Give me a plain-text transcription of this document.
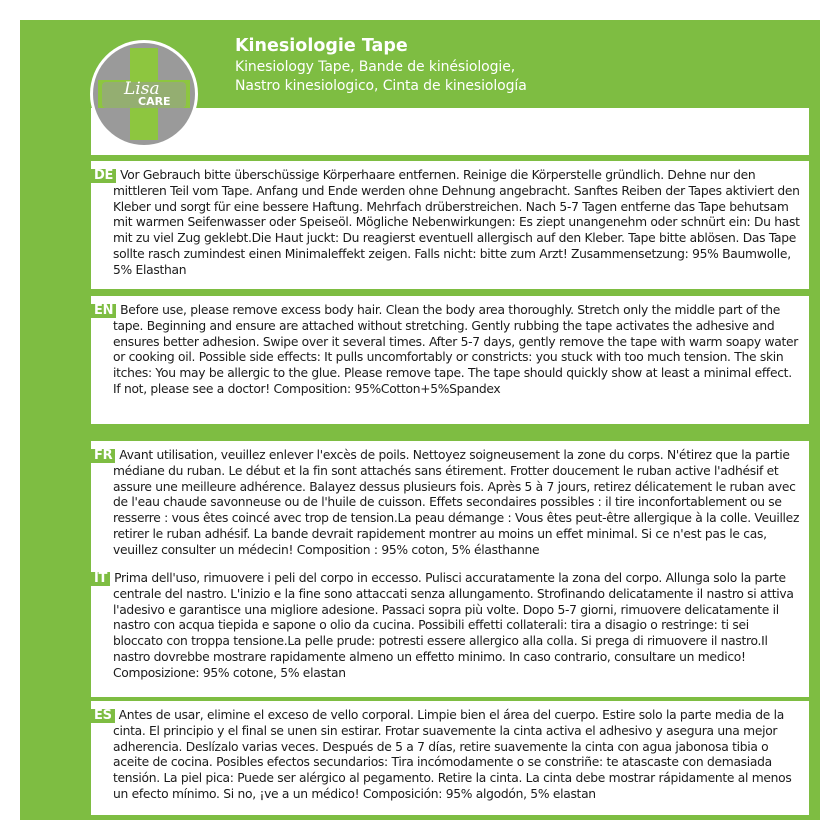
Lisa
CARE
Kinesiologie Tape
Kinesiology Tape, Bande de kinésiologie,
Nastro kinesiologico, Cinta de kinesiología

DE Vor Gebrauch bitte überschüssige Körperhaare entfernen. Reinige die Körperstelle gründlich. Dehne nur den mittleren Teil vom Tape. Anfang und Ende werden ohne Dehnung angebracht. Sanftes Reiben der Tapes aktiviert den Kleber und sorgt für eine bessere Haftung. Mehrfach drüberstreichen. Nach 5-7 Tagen entferne das Tape behutsam mit warmen Seifenwasser oder Speiseöl. Mögliche Nebenwirkungen: Es ziept unangenehm oder schnürt ein: Du hast mit zu viel Zug geklebt.Die Haut juckt: Du reagierst eventuell allergisch auf den Kleber. Tape bitte ablösen. Das Tape sollte rasch zumindest einen Minimaleffekt zeigen. Falls nicht: bitte zum Arzt! Zusammensetzung: 95% Baumwolle, 5% Elasthan

EN Before use, please remove excess body hair. Clean the body area thoroughly. Stretch only the middle part of the tape. Beginning and ensure are attached without stretching. Gently rubbing the tape activates the adhesive and ensures better adhesion. Swipe over it several times. After 5-7 days, gently remove the tape with warm soapy water or cooking oil. Possible side effects: It pulls uncomfortably or constricts: you stuck with too much tension. The skin itches: You may be allergic to the glue. Please remove tape. The tape should quickly show at least a minimal effect. If not, please see a doctor! Composition: 95%Cotton+5%Spandex

FR Avant utilisation, veuillez enlever l'excès de poils. Nettoyez soigneusement la zone du corps. N'étirez que la partie médiane du ruban. Le début et la fin sont attachés sans étirement. Frotter doucement le ruban active l'adhésif et assure une meilleure adhérence. Balayez dessus plusieurs fois. Après 5 à 7 jours, retirez délicatement le ruban avec de l'eau chaude savonneuse ou de l'huile de cuisson. Effets secondaires possibles : il tire inconfortablement ou se resserre : vous êtes coincé avec trop de tension.La peau démange : Vous êtes peut-être allergique à la colle. Veuillez retirer le ruban adhésif. La bande devrait rapidement montrer au moins un effet minimal. Si ce n'est pas le cas, veuillez consulter un médecin! Composition : 95% coton, 5% élasthanne

IT Prima dell'uso, rimuovere i peli del corpo in eccesso. Pulisci accuratamente la zona del corpo. Allunga solo la parte centrale del nastro. L'inizio e la fine sono attaccati senza allungamento. Strofinando delicatamente il nastro si attiva l'adesivo e garantisce una migliore adesione. Passaci sopra più volte. Dopo 5-7 giorni, rimuovere delicatamente il nastro con acqua tiepida e sapone o olio da cucina. Possibili effetti collaterali: tira a disagio o restringe: ti sei bloccato con troppa tensione.La pelle prude: potresti essere allergico alla colla. Si prega di rimuovere il nastro.Il nastro dovrebbe mostrare rapidamente almeno un effetto minimo. In caso contrario, consultare un medico! Composizione: 95% cotone, 5% elastan

ES Antes de usar, elimine el exceso de vello corporal. Limpie bien el área del cuerpo. Estire solo la parte media de la cinta. El principio y el final se unen sin estirar. Frotar suavemente la cinta activa el adhesivo y asegura una mejor adherencia. Deslízalo varias veces. Después de 5 a 7 días, retire suavemente la cinta con agua jabonosa tibia o aceite de cocina. Posibles efectos secundarios: Tira incómodamente o se constriñe: te atascaste con demasiada tensión. La piel pica: Puede ser alérgico al pegamento. Retire la cinta. La cinta debe mostrar rápidamente al menos un efecto mínimo. Si no, ¡ve a un médico! Composición: 95% algodón, 5% elastan
